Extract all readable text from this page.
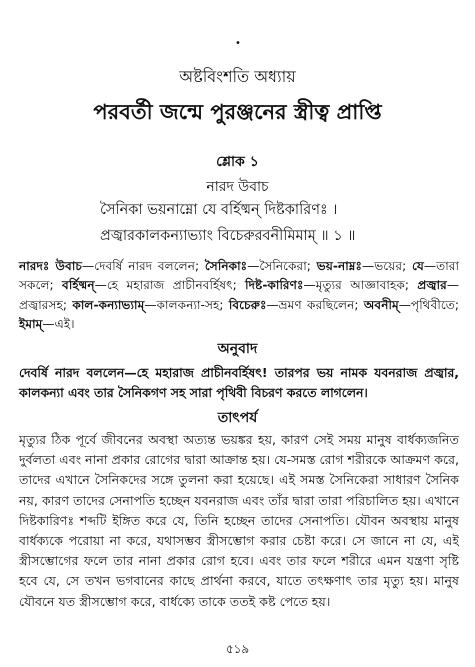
•
অষ্টবিংশতি অধ্যায়
পরবর্তী জন্মে পুরঞ্জনের স্ত্রীত্ব প্রাপ্তি
শ্লোক ১
নারদ উবাচ
সৈনিকা ভয়নাম্নো যে বর্হিষ্মন্ দিষ্টকারিণঃ ।
প্রজ্বারকালকন্যাভ্যাং বিচেরুরবনীমিমাম্ ॥ ১ ॥
নারদঃ উবাচ—দেবর্ষি নারদ বললেন; সৈনিকাঃ—সৈনিকেরা; ভয়-নাম্নঃ—ভয়ের; যে—তারা সকলে; বর্হিষ্মন্—হে মহারাজ প্রাচীনবর্হিষৎ; দিষ্ট-কারিণঃ—মৃত্যুর আজ্ঞাবাহক; প্রজ্বার—প্রজ্বারসহ; কাল-কন্যাভ্যাম্—কালকন্যা-সহ; বিচেরুঃ—ভ্রমণ করছিলেন; অবনীম্—পৃথিবীতে; ইমাম্—এই।
অনুবাদ
দেবর্ষি নারদ বললেন—হে মহারাজ প্রাচীনবর্হিষৎ! তারপর ভয় নামক যবনরাজ প্রজ্বার, কালকন্যা এবং তার সৈনিকগণ সহ সারা পৃথিবী বিচরণ করতে লাগলেন।
তাৎপর্য
মৃত্যুর ঠিক পূর্বে জীবনের অবস্থা অত্যন্ত ভয়ঙ্কর হয়, কারণ সেই সময় মানুষ বার্ধক্যজনিত দুর্বলতা এবং নানা প্রকার রোগের দ্বারা আক্রান্ত হয়। যে-সমস্ত রোগ শরীরকে আক্রমণ করে, তাদের এখানে সৈনিকদের সঙ্গে তুলনা করা হয়েছে। এই সমস্ত সৈনিকেরা সাধারণ সৈনিক নয়, কারণ তাদের সেনাপতি হচ্ছেন যবনরাজ এবং তাঁর দ্বারা তারা পরিচালিত হয়। এখানে দিষ্টকারিণঃ শব্দটি ইঙ্গিত করে যে, তিনি হচ্ছেন তাদের সেনাপতি। যৌবন অবস্থায় মানুষ বার্ধক্যকে পরোয়া না করে, যথাসম্ভব স্ত্রীসম্ভোগ করার চেষ্টা করে। সে জানে না যে, এই স্ত্রীসম্ভোগের ফলে তার নানা প্রকার রোগ হবে। এবং তার ফলে শরীরে এমন যন্ত্রণা সৃষ্টি হবে যে, সে তখন ভগবানের কাছে প্রার্থনা করবে, যাতে তৎক্ষণাৎ তার মৃত্যু হয়। মানুষ যৌবনে যত স্ত্রীসম্ভোগ করে, বার্ধক্যে তাকে ততই কষ্ট পেতে হয়।
৫১৯
